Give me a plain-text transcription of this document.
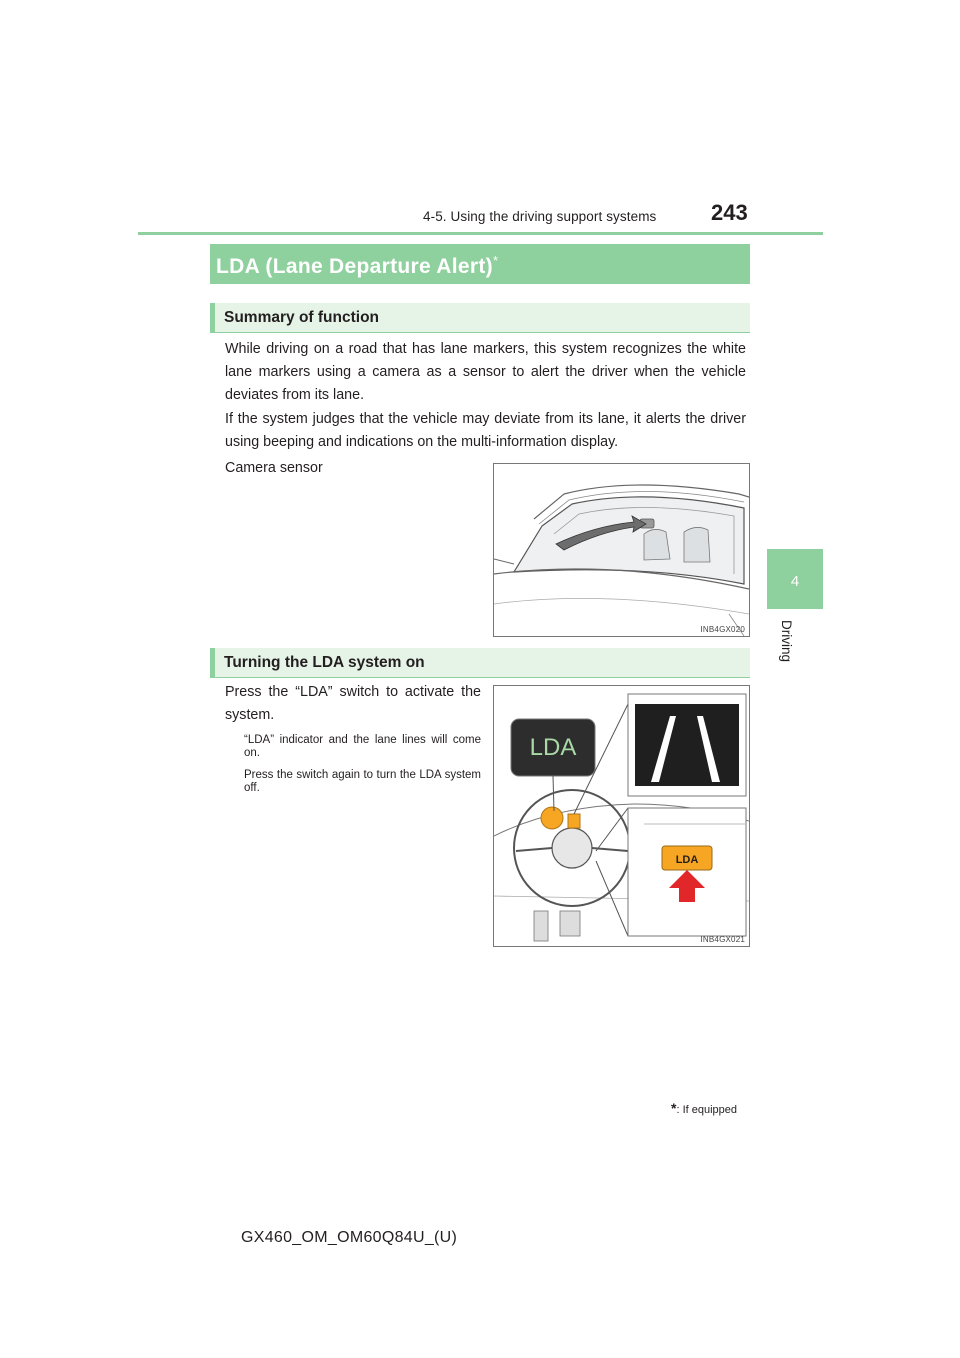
4-5. Using the driving support systems 243
4
Driving
LDA (Lane Departure Alert)*
Summary of function
While driving on a road that has lane markers, this system recognizes the white lane markers using a camera as a sensor to alert the driver when the vehicle deviates from its lane.
If the system judges that the vehicle may deviate from its lane, it alerts the driver using beeping and indications on the multi-information display.
Camera sensor
INB4GX020
Turning the LDA system on
Press the “LDA” switch to activate the system.
“LDA” indicator and the lane lines will come on.
Press the switch again to turn the LDA system off.
LDA
LDA
INB4GX021
*: If equipped
GX460_OM_OM60Q84U_(U)
